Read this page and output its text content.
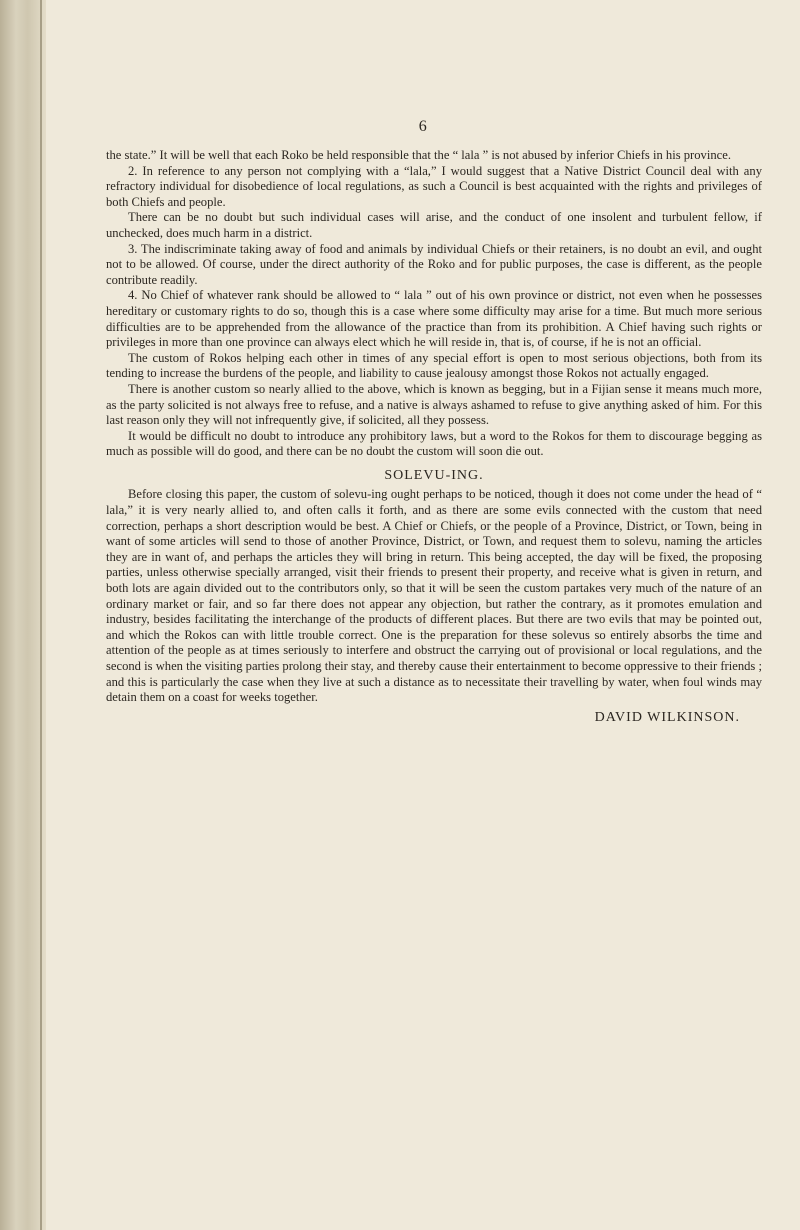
6

the state.” It will be well that each Roko be held responsible that the “ lala ” is not abused by inferior Chiefs in his province.

2. In reference to any person not complying with a “lala,” I would suggest that a Native District Council deal with any refractory individual for disobedience of local regulations, as such a Council is best acquainted with the rights and privileges of both Chiefs and people.

There can be no doubt but such individual cases will arise, and the conduct of one insolent and turbulent fellow, if unchecked, does much harm in a district.

3. The indiscriminate taking away of food and animals by individual Chiefs or their retainers, is no doubt an evil, and ought not to be allowed. Of course, under the direct authority of the Roko and for public purposes, the case is different, as the people contribute readily.

4. No Chief of whatever rank should be allowed to “ lala ” out of his own province or district, not even when he possesses hereditary or customary rights to do so, though this is a case where some difficulty may arise for a time. But much more serious difficulties are to be apprehended from the allowance of the practice than from its prohibition. A Chief having such rights or privileges in more than one province can always elect which he will reside in, that is, of course, if he is not an official.

The custom of Rokos helping each other in times of any special effort is open to most serious objections, both from its tending to increase the burdens of the people, and liability to cause jealousy amongst those Rokos not actually engaged.

There is another custom so nearly allied to the above, which is known as begging, but in a Fijian sense it means much more, as the party solicited is not always free to refuse, and a native is always ashamed to refuse to give anything asked of him. For this last reason only they will not infrequently give, if solicited, all they possess.

It would be difficult no doubt to introduce any prohibitory laws, but a word to the Rokos for them to discourage begging as much as possible will do good, and there can be no doubt the custom will soon die out.

SOLEVU-ING.

Before closing this paper, the custom of solevu-ing ought perhaps to be noticed, though it does not come under the head of “ lala,” it is very nearly allied to, and often calls it forth, and as there are some evils connected with the custom that need correction, perhaps a short description would be best. A Chief or Chiefs, or the people of a Province, District, or Town, being in want of some articles will send to those of another Province, District, or Town, and request them to solevu, naming the articles they are in want of, and perhaps the articles they will bring in return. This being accepted, the day will be fixed, the proposing parties, unless otherwise specially arranged, visit their friends to present their property, and receive what is given in return, and both lots are again divided out to the contributors only, so that it will be seen the custom partakes very much of the nature of an ordinary market or fair, and so far there does not appear any objection, but rather the contrary, as it promotes emulation and industry, besides facilitating the interchange of the products of different places. But there are two evils that may be pointed out, and which the Rokos can with little trouble correct. One is the preparation for these solevus so entirely absorbs the time and attention of the people as at times seriously to interfere and obstruct the carrying out of provisional or local regulations, and the second is when the visiting parties prolong their stay, and thereby cause their entertainment to become oppressive to their friends ; and this is particularly the case when they live at such a distance as to necessitate their travelling by water, when foul winds may detain them on a coast for weeks together.

DAVID WILKINSON.
